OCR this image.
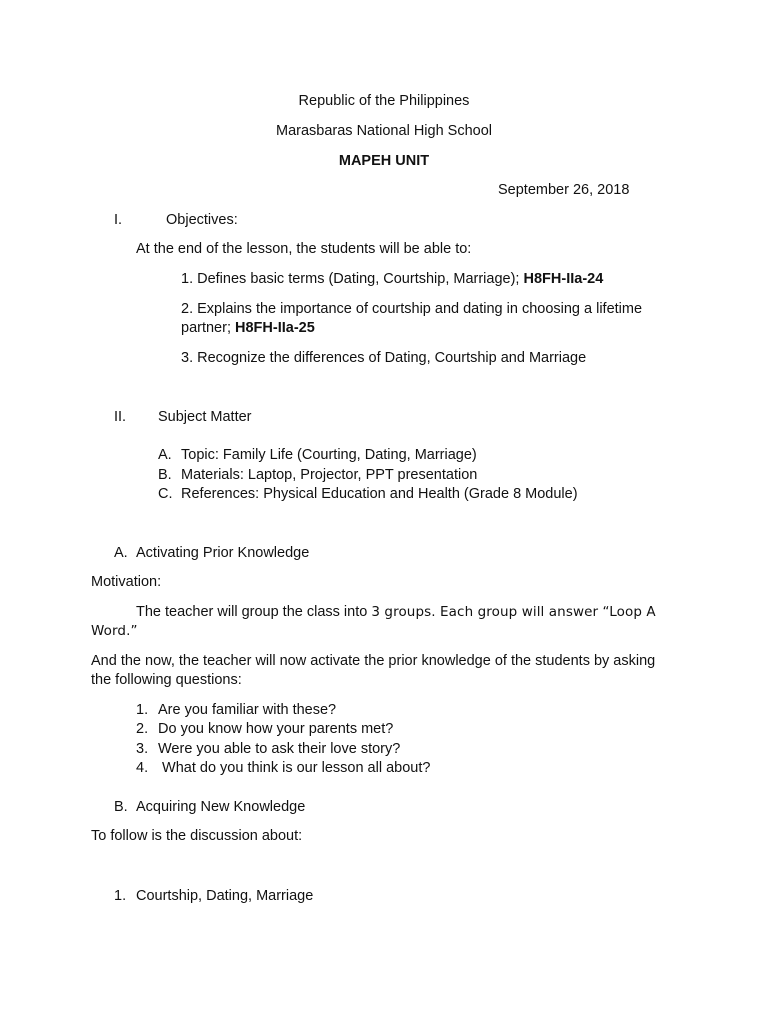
Republic of the Philippines
Marasbaras National High School
MAPEH UNIT
September 26, 2018
I.	Objectives:
At the end of the lesson, the students will be able to:
1. Defines basic terms (Dating, Courtship, Marriage); H8FH-IIa-24
2. Explains the importance of courtship and dating in choosing a lifetime
partner; H8FH-IIa-25
3. Recognize the differences of Dating, Courtship and Marriage
II. Subject Matter
A. Topic: Family Life (Courting, Dating, Marriage)
B. Materials: Laptop, Projector, PPT presentation
C. References: Physical Education and Health (Grade 8 Module)
A. Activating Prior Knowledge
Motivation:
The teacher will group the class into 3 groups. Each group will answer “Loop A
Word.”
And the now, the teacher will now activate the prior knowledge of the students by asking
the following questions:
1. Are you familiar with these?
2. Do you know how your parents met?
3. Were you able to ask their love story?
4. What do you think is our lesson all about?
B. Acquiring New Knowledge
To follow is the discussion about:
1. Courtship, Dating, Marriage
